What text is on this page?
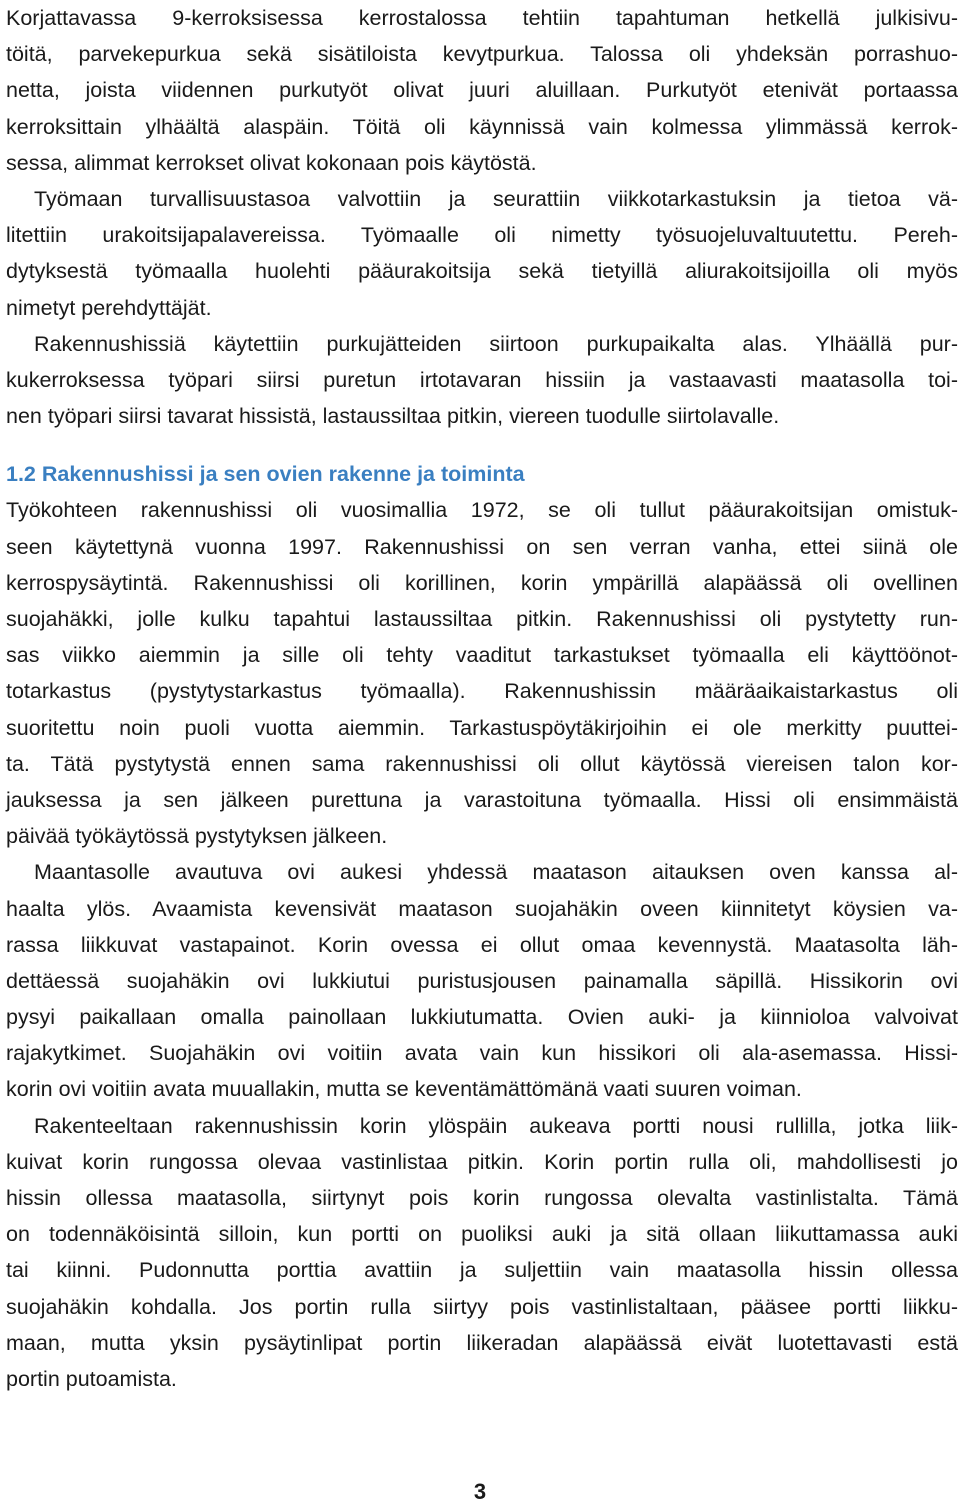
Korjattavassa 9-kerroksisessa kerrostalossa tehtiin tapahtuman hetkellä julkisivu-
töitä, parvekepurkua sekä sisätiloista kevytpurkua. Talossa oli yhdeksän porrashuo-
netta, joista viidennen purkutyöt olivat juuri aluillaan. Purkutyöt etenivät portaassa
kerroksittain ylhäältä alaspäin. Töitä oli käynnissä vain kolmessa ylimmässä kerrok-
sessa, alimmat kerrokset olivat kokonaan pois käytöstä.
Työmaan turvallisuustasoa valvottiin ja seurattiin viikkotarkastuksin ja tietoa vä-
litettiin urakoitsijapalavereissa. Työmaalle oli nimetty työsuojeluvaltuutettu. Pereh-
dytyksestä työmaalla huolehti pääurakoitsija sekä tietyillä aliurakoitsijoilla oli myös
nimetyt perehdyttäjät.
Rakennushissiä käytettiin purkujätteiden siirtoon purkupaikalta alas. Ylhäällä pur-
kukerroksessa työpari siirsi puretun irtotavaran hissiin ja vastaavasti maatasolla toi-
nen työpari siirsi tavarat hissistä, lastaussiltaa pitkin, viereen tuodulle siirtolavalle.
1.2 Rakennushissi ja sen ovien rakenne ja toiminta
Työkohteen rakennushissi oli vuosimallia 1972, se oli tullut pääurakoitsijan omistuk-
seen käytettynä vuonna 1997. Rakennushissi on sen verran vanha, ettei siinä ole
kerrospysäytintä. Rakennushissi oli korillinen, korin ympärillä alapäässä oli ovellinen
suojahäkki, jolle kulku tapahtui lastaussiltaa pitkin. Rakennushissi oli pystytetty run-
sas viikko aiemmin ja sille oli tehty vaaditut tarkastukset työmaalla eli käyttöönot-
totarkastus (pystytystarkastus työmaalla). Rakennushissin määräaikaistarkastus oli
suoritettu noin puoli vuotta aiemmin. Tarkastuspöytäkirjoihin ei ole merkitty puuttei-
ta. Tätä pystytystä ennen sama rakennushissi oli ollut käytössä viereisen talon kor-
jauksessa ja sen jälkeen purettuna ja varastoituna työmaalla. Hissi oli ensimmäistä
päivää työkäytössä pystytyksen jälkeen.
Maantasolle avautuva ovi aukesi yhdessä maatason aitauksen oven kanssa al-
haalta ylös. Avaamista kevensivät maatason suojahäkin oveen kiinnitetyt köysien va-
rassa liikkuvat vastapainot. Korin ovessa ei ollut omaa kevennystä. Maatasolta läh-
dettäessä suojahäkin ovi lukkiutui puristusjousen painamalla säpillä. Hissikorin ovi
pysyi paikallaan omalla painollaan lukkiutumatta. Ovien auki- ja kiinnioloa valvoivat
rajakytkimet. Suojahäkin ovi voitiin avata vain kun hissikori oli ala-asemassa. Hissi-
korin ovi voitiin avata muuallakin, mutta se keventämättömänä vaati suuren voiman.
Rakenteeltaan rakennushissin korin ylöspäin aukeava portti nousi rullilla, jotka liik-
kuivat korin rungossa olevaa vastinlistaa pitkin. Korin portin rulla oli, mahdollisesti jo
hissin ollessa maatasolla, siirtynyt pois korin rungossa olevalta vastinlistalta. Tämä
on todennäköisintä silloin, kun portti on puoliksi auki ja sitä ollaan liikuttamassa auki
tai kiinni. Pudonnutta porttia avattiin ja suljettiin vain maatasolla hissin ollessa
suojahäkin kohdalla. Jos portin rulla siirtyy pois vastinlistaltaan, pääsee portti liikku-
maan, mutta yksin pysäytinlipat portin liikeradan alapäässä eivät luotettavasti estä
portin putoamista.
3
